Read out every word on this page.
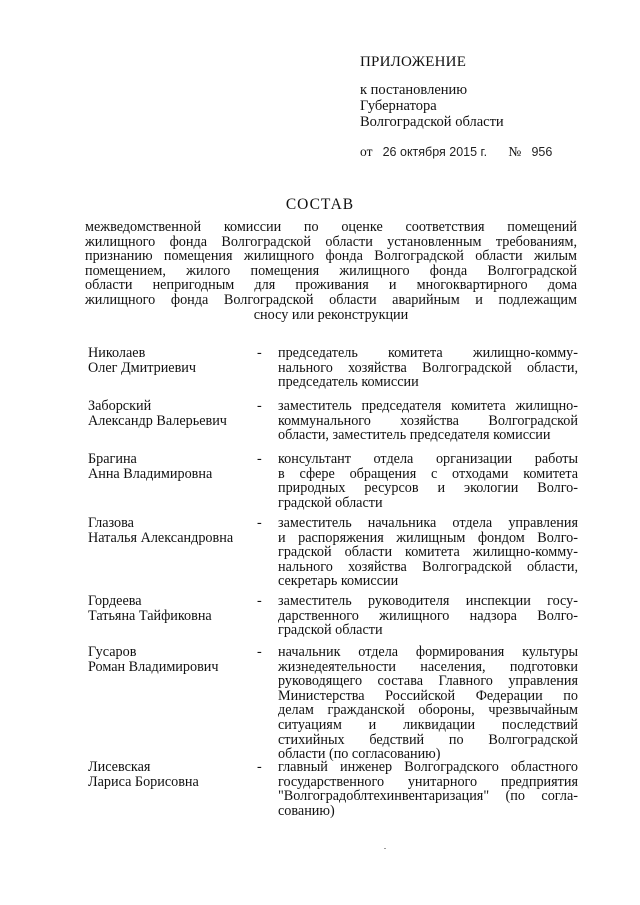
ПРИЛОЖЕНИЕ
к постановлению
Губернатора
Волгоградской области
от 26 октября 2015 г. № 956
СОСТАВ
межведомственной комиссии по оценке соответствия помещений
жилищного фонда Волгоградской области установленным требованиям,
признанию помещения жилищного фонда Волгоградской области жилым
помещением, жилого помещения жилищного фонда Волгоградской
области непригодным для проживания и многоквартирного дома
жилищного фонда Волгоградской области аварийным и подлежащим
сносу или реконструкции
Николаев
Олег Дмитриевич
- председатель комитета жилищно-комму-
нального хозяйства Волгоградской области,
председатель комиссии
Заборский
Александр Валерьевич
- заместитель председателя комитета жилищно-
коммунального хозяйства Волгоградской
области, заместитель председателя комиссии
Брагина
Анна Владимировна
- консультант отдела организации работы
в сфере обращения с отходами комитета
природных ресурсов и экологии Волго-
градской области
Глазова
Наталья Александровна
- заместитель начальника отдела управления
и распоряжения жилищным фондом Волго-
градской области комитета жилищно-комму-
нального хозяйства Волгоградской области,
секретарь комиссии
Гордеева
Татьяна Тайфиковна
- заместитель руководителя инспекции госу-
дарственного жилищного надзора Волго-
градской области
Гусаров
Роман Владимирович
- начальник отдела формирования культуры
жизнедеятельности населения, подготовки
руководящего состава Главного управления
Министерства Российской Федерации по
делам гражданской обороны, чрезвычайным
ситуациям и ликвидации последствий
стихийных бедствий по Волгоградской
области (по согласованию)
Лисевская
Лариса Борисовна
- главный инженер Волгоградского областного
государственного унитарного предприятия
"Волгоградоблтехинвентаризация" (по согла-
сованию)
